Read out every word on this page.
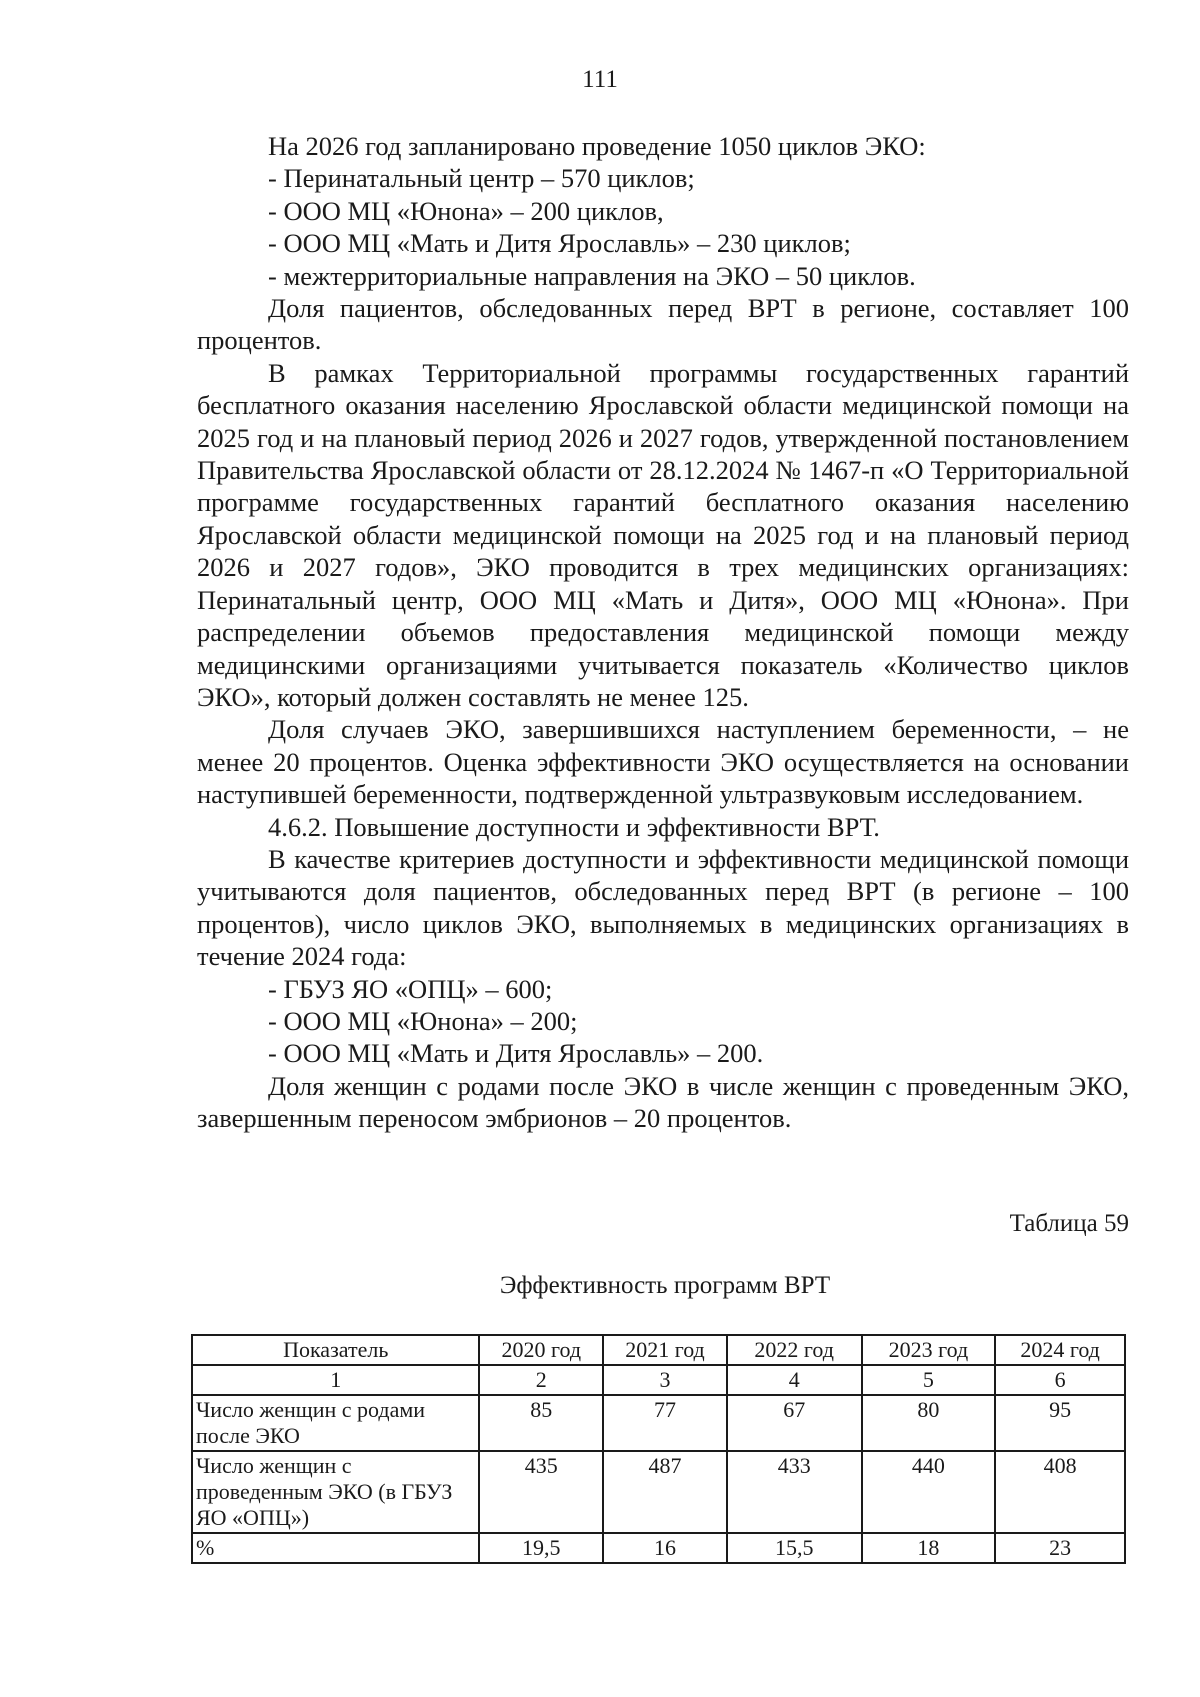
111

На 2026 год запланировано проведение 1050 циклов ЭКО:

- Перинатальный центр – 570 циклов;

- ООО МЦ «Юнона» – 200 циклов,

- ООО МЦ «Мать и Дитя Ярославль» – 230 циклов;

- межтерриториальные направления на ЭКО – 50 циклов.

Доля пациентов, обследованных перед ВРТ в регионе, составляет 100 процентов.

В рамках Территориальной программы государственных гарантий бесплатного оказания населению Ярославской области медицинской помощи на 2025 год и на плановый период 2026 и 2027 годов, утвержденной постановлением Правительства Ярославской области от 28.12.2024 № 1467-п «О Территориальной программе государственных гарантий бесплатного оказания населению Ярославской области медицинской помощи на 2025 год и на плановый период 2026 и 2027 годов», ЭКО проводится в трех медицинских организациях: Перинатальный центр, ООО МЦ «Мать и Дитя», ООО МЦ «Юнона». При распределении объемов предоставления медицинской помощи между медицинскими организациями учитывается показатель «Количество циклов ЭКО», который должен составлять не менее 125.

Доля случаев ЭКО, завершившихся наступлением беременности, – не менее 20 процентов. Оценка эффективности ЭКО осуществляется на основании наступившей беременности, подтвержденной ультразвуковым исследованием.

4.6.2. Повышение доступности и эффективности ВРТ.

В качестве критериев доступности и эффективности медицинской помощи учитываются доля пациентов, обследованных перед ВРТ (в регионе – 100 процентов), число циклов ЭКО, выполняемых в медицинских организациях в течение 2024 года:

- ГБУЗ ЯО «ОПЦ» – 600;

- ООО МЦ «Юнона» – 200;

- ООО МЦ «Мать и Дитя Ярославль» – 200.

Доля женщин с родами после ЭКО в числе женщин с проведенным ЭКО, завершенным переносом эмбрионов – 20 процентов.

Таблица 59
Эффективность программ ВРТ
Показатель	2020 год	2021 год	2022 год	2023 год	2024 год
1	2	3	4	5	6
Число женщин с родами после ЭКО	85	77	67	80	95
Число женщин с проведенным ЭКО (в ГБУЗ ЯО «ОПЦ»)	435	487	433	440	408
%	19,5	16	15,5	18	23
